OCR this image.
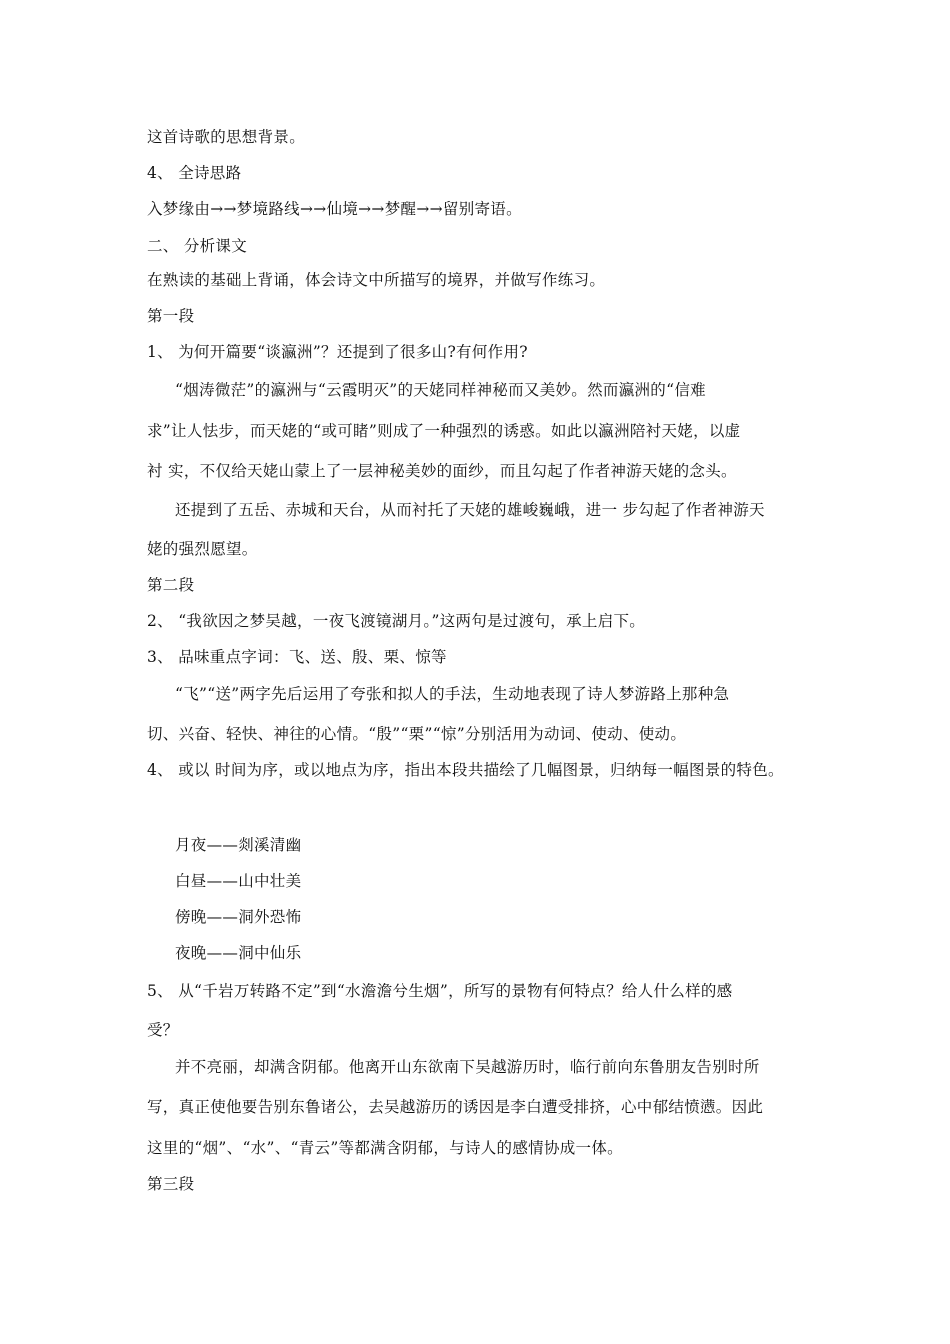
这首诗歌的思想背景。
4、 全诗思路
入梦缘由→→梦境路线→→仙境→→梦醒→→留别寄语。
二、 分析课文
在熟读的基础上背诵，体会诗文中所描写的境界，并做写作练习。
第一段
1、 为何开篇要“谈瀛洲”？还提到了很多山?有何作用?
“烟涛微茫”的瀛洲与“云霞明灭”的天姥同样神秘而又美妙。然而瀛洲的“信难
求”让人怯步，而天姥的“或可睹”则成了一种强烈的诱惑。如此以瀛洲陪衬天姥，以虚
衬 实，不仅给天姥山蒙上了一层神秘美妙的面纱，而且勾起了作者神游天姥的念头。
还提到了五岳、赤城和天台，从而衬托了天姥的雄峻巍峨，进一 步勾起了作者神游天
姥的强烈愿望。
第二段
2、 “我欲因之梦吴越，一夜飞渡镜湖月。”这两句是过渡句，承上启下。
3、 品味重点字词：飞、送、殷、栗、惊等
“飞”“送”两字先后运用了夸张和拟人的手法，生动地表现了诗人梦游路上那种急
切、兴奋、轻快、神往的心情。“殷”“栗”“惊”分别活用为动词、使动、使动。
4、 或以 时间为序，或以地点为序，指出本段共描绘了几幅图景，归纳每一幅图景的特色。
月夜——剡溪清幽
白昼——山中壮美
傍晚——洞外恐怖
夜晚——洞中仙乐
5、 从“千岩万转路不定”到“水澹澹兮生烟”，所写的景物有何特点？给人什么样的感
受？
并不亮丽，却满含阴郁。他离开山东欲南下吴越游历时，临行前向东鲁朋友告别时所
写，真正使他要告别东鲁诸公，去吴越游历的诱因是李白遭受排挤，心中郁结愤懑。因此
这里的“烟”、“水”、“青云”等都满含阴郁，与诗人的感情协成一体。
第三段
